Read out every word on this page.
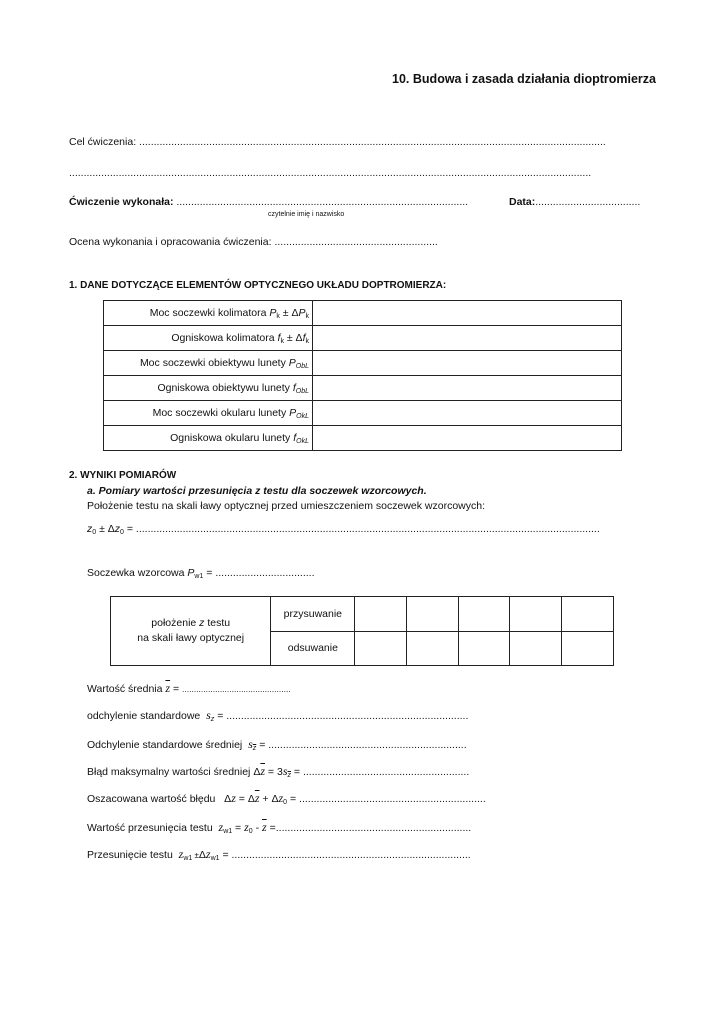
10. Budowa i zasada działania dioptromierza
Cel ćwiczenia: ................................................................................................................................................................
...................................................................................................................................................................................
Ćwiczenie wykonała: ....................................................................................................
czytelnie imię i nazwisko
Data:....................................
Ocena wykonania i opracowania ćwiczenia: ........................................................
1. DANE DOTYCZĄCE ELEMENTÓW OPTYCZNEGO UKŁADU DOPTROMIERZA:
Moc soczewki kolimatora Pk ± ΔPk	
Ogniskowa kolimatora fk ± Δfk	
Moc soczewki obiektywu lunety $P_{ObL}$	
Ogniskowa obiektywu lunety $f_{ObL}$	
Moc soczewki okularu lunety $P_{OkL}$	
Ogniskowa okularu lunety $f_{OkL}$	
2. WYNIKI POMIARÓW
a. Pomiary wartości przesunięcia z testu dla soczewek wzorcowych.
Położenie testu na skali ławy optycznej przed umieszczeniem soczewek wzorcowych:
z0 ± Δz0 = ...............................................................................................................................................................
Soczewka wzorcowa Pw1 = ..................................
położenie z testu
na skali ławy optycznej	przysuwanie					
	odsuwanie					
Wartość średnia $\overline{z}$ = ..............................................
odchylenie standardowe $s_z$ = ...................................................................................
Odchylenie standardowe średniej $s_{\overline{z}}$ = ....................................................................
Błąd maksymalny wartości średniej $\Delta\overline{z} = 3s_{\overline{z}}$ = .........................................................
Oszacowana wartość błędu $\Delta z = \Delta\overline{z} + \Delta z0$ = ................................................................
Wartość przesunięcia testu $zw1 = z0 - \overline{z}$ =...................................................................
Przesunięcie testu zw1 ±Δzw1 = ..................................................................................
